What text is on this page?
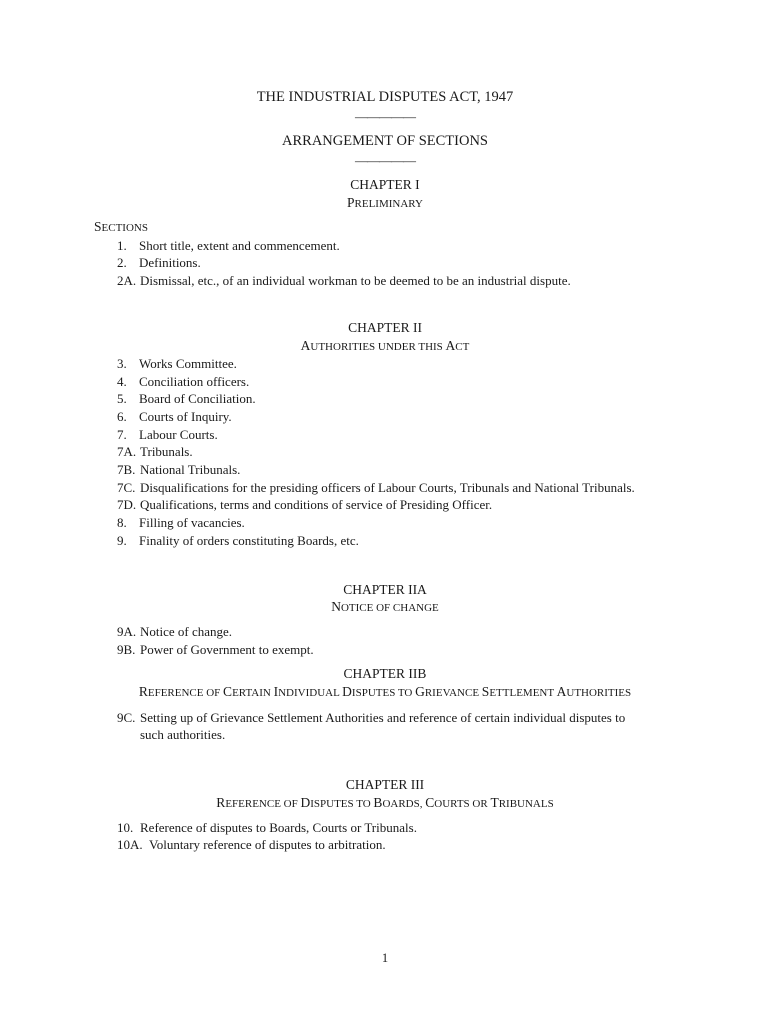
THE INDUSTRIAL DISPUTES ACT, 1947
—————
ARRANGEMENT OF SECTIONS
—————
CHAPTER I
PRELIMINARY
SECTIONS
1. Short title, extent and commencement.
2. Definitions.
2A. Dismissal, etc., of an individual workman to be deemed to be an industrial dispute.
CHAPTER II
AUTHORITIES UNDER THIS ACT
3. Works Committee.
4. Conciliation officers.
5. Board of Conciliation.
6. Courts of Inquiry.
7. Labour Courts.
7A. Tribunals.
7B. National Tribunals.
7C. Disqualifications for the presiding officers of Labour Courts, Tribunals and National Tribunals.
7D. Qualifications, terms and conditions of service of Presiding Officer.
8. Filling of vacancies.
9. Finality of orders constituting Boards, etc.
CHAPTER IIA
NOTICE OF CHANGE
9A. Notice of change.
9B. Power of Government to exempt.
CHAPTER IIB
REFERENCE OF CERTAIN INDIVIDUAL DISPUTES TO GRIEVANCE SETTLEMENT AUTHORITIES
9C. Setting up of Grievance Settlement Authorities and reference of certain individual disputes to
such authorities.
CHAPTER III
REFERENCE OF DISPUTES TO BOARDS, COURTS OR TRIBUNALS
10. Reference of disputes to Boards, Courts or Tribunals.
10A. Voluntary reference of disputes to arbitration.
1
